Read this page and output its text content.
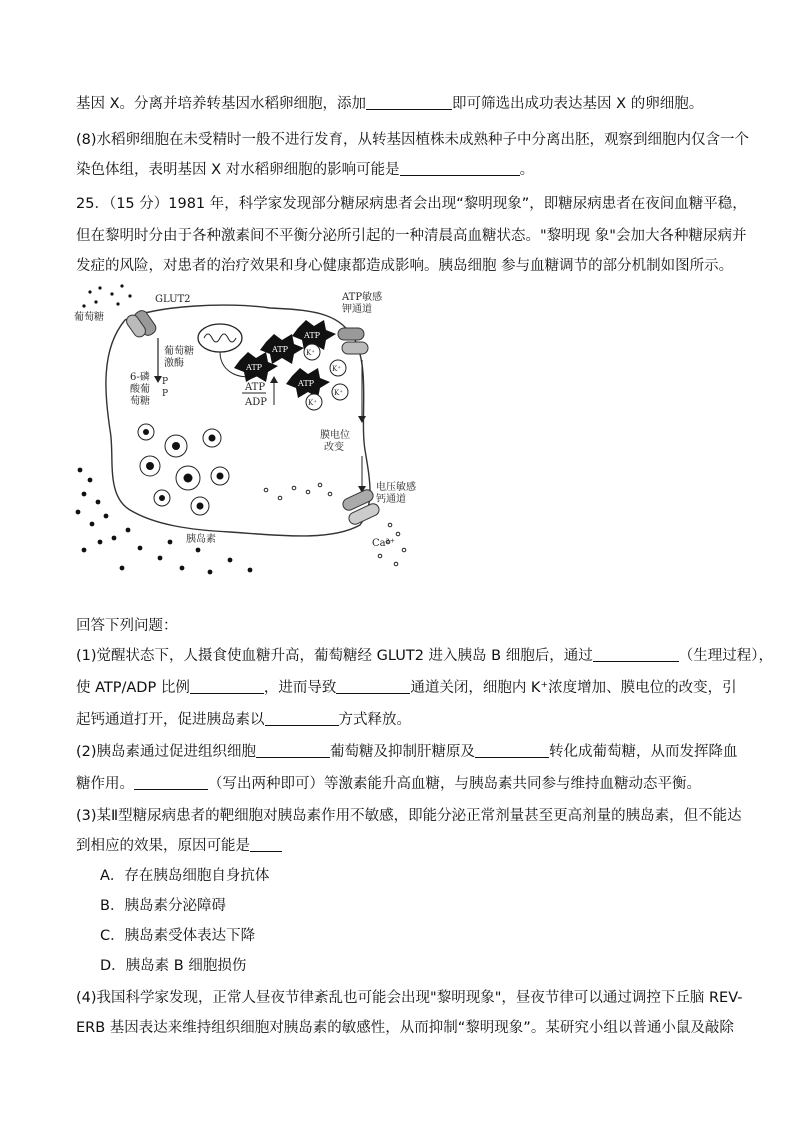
基因 X。分离并培养转基因水稻卵细胞，添加	即可筛选出成功表达基因 X 的卵细胞。
(8)水稻卵细胞在未受精时一般不进行发育，从转基因植株未成熟种子中分离出胚，观察到细胞内仅含一个
染色体组，表明基因 X 对水稻卵细胞的影响可能是	。
25．（15 分）1981 年，科学家发现部分糖尿病患者会出现“黎明现象”，即糖尿病患者在夜间血糖平稳，
但在黎明时分由于各种激素间不平衡分泌所引起的一种清晨高血糖状态。"黎明现 象"会加大各种糖尿病并
发症的风险，对患者的治疗效果和身心健康都造成影响。胰岛细胞 参与血糖调节的部分机制如图所示。
GLUT2
葡萄糖
葡萄糖
激酶
6-磷
酸葡
萄糖
P
P
ATP
ATP
ATP
ATP
ATP
ADP
K⁺
K⁺
K⁺
K⁺
ATP敏感
钾通道
膜电位
改变
电压敏感
钙通道
Ca²⁺
胰岛素
回答下列问题：
(1)觉醒状态下，人摄食使血糖升高，葡萄糖经 GLUT2 进入胰岛 B 细胞后，通过	（生理过程），
使 ATP/ADP 比例	，进而导致	通道关闭，细胞内 K⁺浓度增加、膜电位的改变，引
起钙通道打开，促进胰岛素以	方式释放。
(2)胰岛素通过促进组织细胞	葡萄糖及抑制肝糖原及	转化成葡萄糖，从而发挥降血
糖作用。	（写出两种即可）等激素能升高血糖，与胰岛素共同参与维持血糖动态平衡。
(3)某Ⅱ型糖尿病患者的靶细胞对胰岛素作用不敏感，即能分泌正常剂量甚至更高剂量的胰岛素，但不能达
到相应的效果，原因可能是
A．存在胰岛细胞自身抗体
B．胰岛素分泌障碍
C．胰岛素受体表达下降
D．胰岛素 B 细胞损伤
(4)我国科学家发现，正常人昼夜节律紊乱也可能会出现"黎明现象"，昼夜节律可以通过调控下丘脑 REV-
ERB 基因表达来维持组织细胞对胰岛素的敏感性，从而抑制“黎明现象”。某研究小组以普通小鼠及敲除
